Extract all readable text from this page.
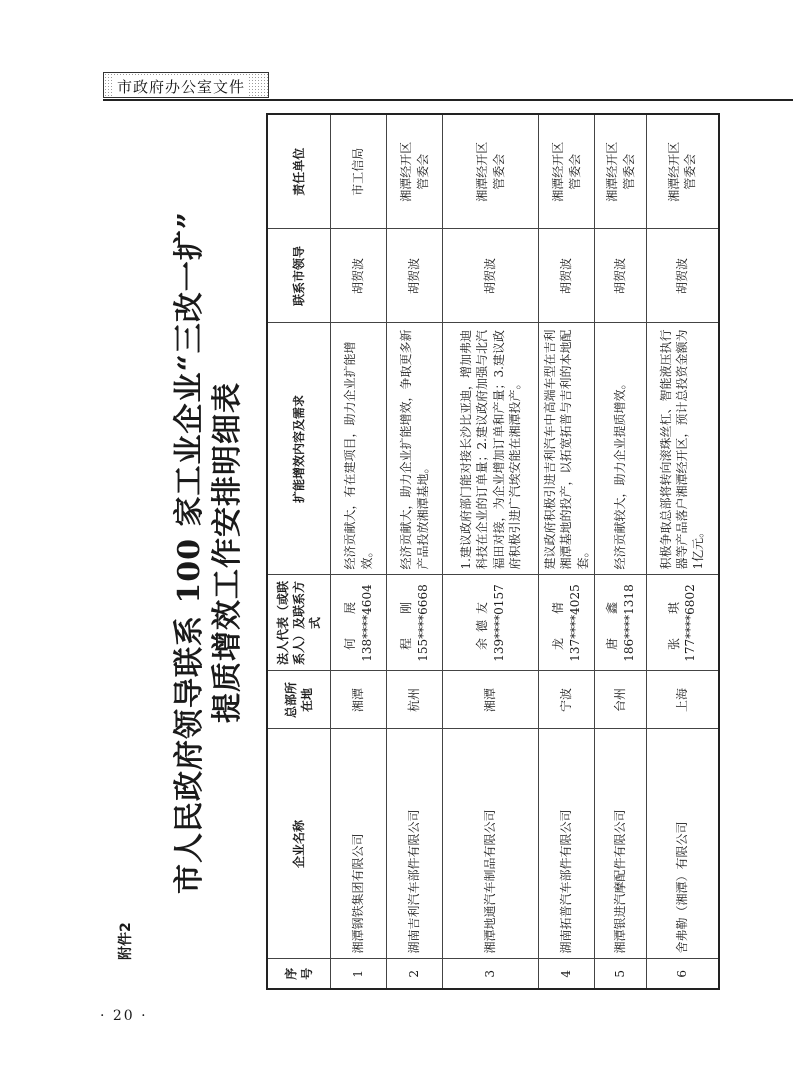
市政府办公室文件
附件2
· 20 ·
市人民政府领导联系 100 家工业企业“三改一扩” 提质增效工作安排明细表
序号	企业名称	总部所在地	法人代表（或联系人）及联系方式	扩能增效内容及需求	联系市领导	责任单位
1	湘潭钢铁集团有限公司	湘潭	何　展 138****4604	经济贡献大，有在建项目，助力企业扩能增效。	胡贺波	市工信局

2	湖南吉利汽车部件有限公司	杭州	程　刚 155****6668	经济贡献大，助力企业扩能增效，争取更多新产品投放湘潭基地。	胡贺波	湘潭经开区 管委会

3	湘潭地通汽车制品有限公司	湘潭	余德友 139****0157	1.建议政府部门能对接长沙比亚迪，增加弗迪科技在企业的订单量；2.建议政府加强与北汽福田对接，为企业增加订单和产量；3.建议政府积极引进广汽埃安能在湘潭投产。	胡贺波	湘潭经开区 管委会

4	湖南拓普汽车部件有限公司	宁波	龙　倩 137****4025	建议政府积极引进吉利汽车中高端车型在吉利湘潭基地的投产，以拓宽拓普与吉利的本地配套。	胡贺波	湘潭经开区 管委会

5	湘潭银进汽摩配件有限公司	台州	唐　鑫 186****1318	经济贡献较大，助力企业提质增效。	胡贺波	湘潭经开区 管委会

6	舍弗勒（湘潭）有限公司	上海	张　琪 177****6802	积极争取总部将转向滚珠丝杠、智能液压执行器等产品落户湘潭经开区，预计总投资金额为1亿元。	胡贺波	湘潭经开区 管委会
